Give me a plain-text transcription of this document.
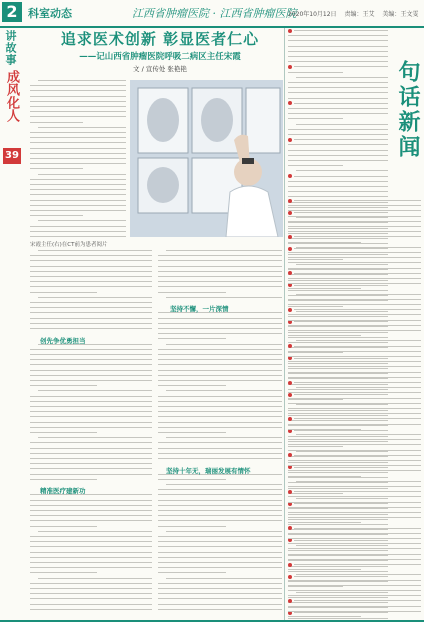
2 科室动态	江西省肿瘤医院 · 江西省肿瘤医院
2020年10月12日 责编：王艾 美编：王文雯
讲故事
成风化人
39
追求医术创新 彰显医者仁心
——记山西省肿瘤医院呼吸二病区主任宋霞
文 / 宣传处 张艳艳
宋霞主任(右)在CT前为患者阅片
创先争优勇担当
精准医疗建新功
坚持不懈，一片深情
坚持十年无，瑞丽发展有情怀
句话新闻
